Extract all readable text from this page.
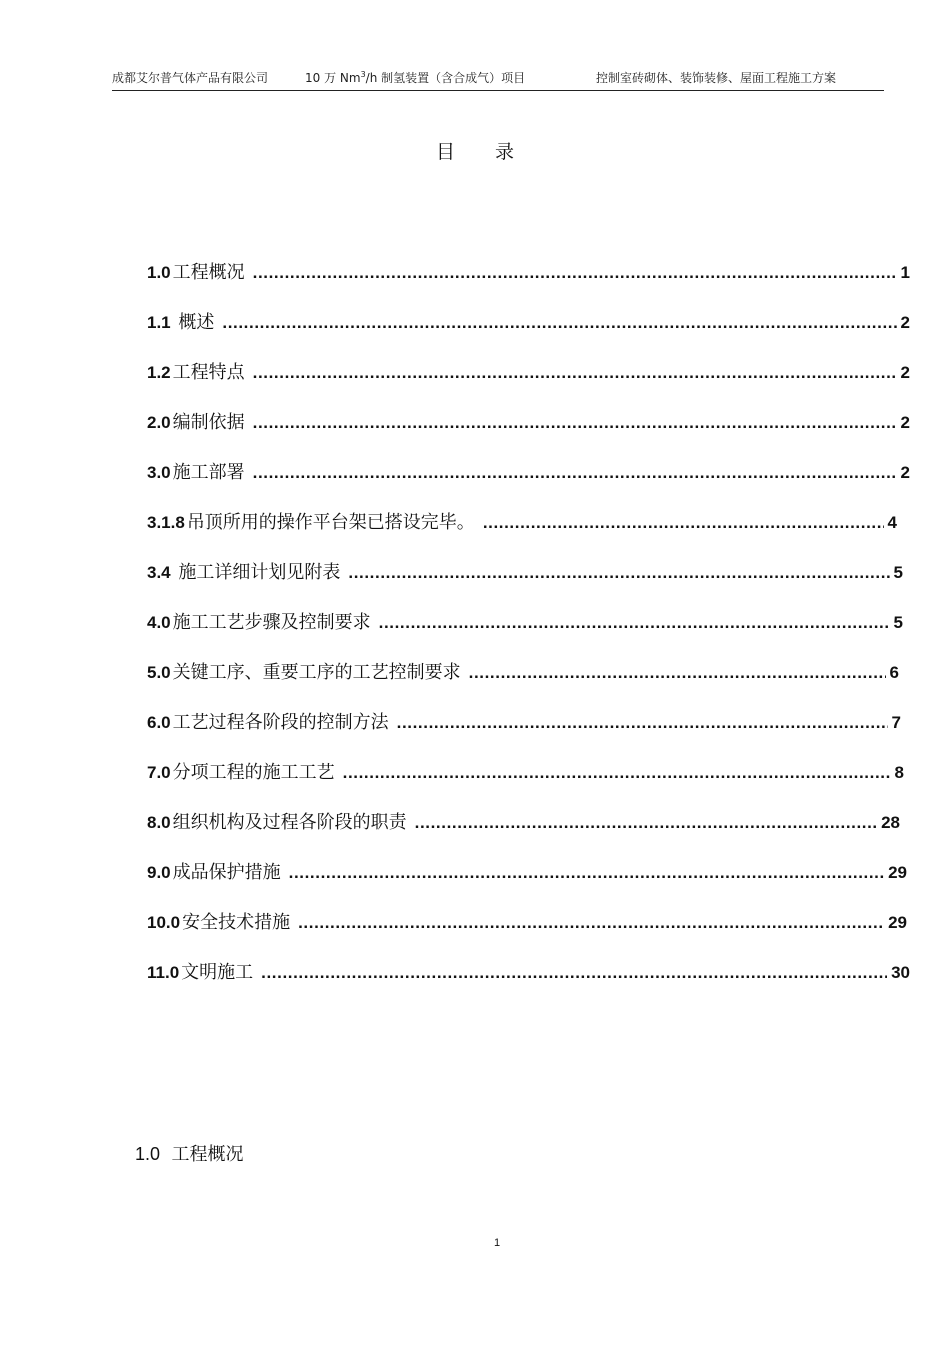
成都艾尔普气体产品有限公司	10 万 Nm$^3$/h 制氢装置（含合成气）项目	控制室砖砌体、装饰装修、屋面工程施工方案
目录
1.0 工程概况 .....	1
1.1 概述 .....	2
1.2 工程特点 .....	2
2.0 编制依据 .....	2
3.0 施工部署 .....	2
3.1.8 吊顶所用的操作平台架已搭设完毕。 .....	4
3.4 施工详细计划见附表 .....	5
4.0 施工工艺步骤及控制要求 .....	5
5.0 关键工序、重要工序的工艺控制要求 .....	6
6.0 工艺过程各阶段的控制方法 .....	7
7.0 分项工程的施工工艺 .....	8
8.0 组织机构及过程各阶段的职责 .....	28
9.0 成品保护措施 .....	29
10.0 安全技术措施 .....	29
11.0 文明施工 .....	30
1.0 工程概况
1
